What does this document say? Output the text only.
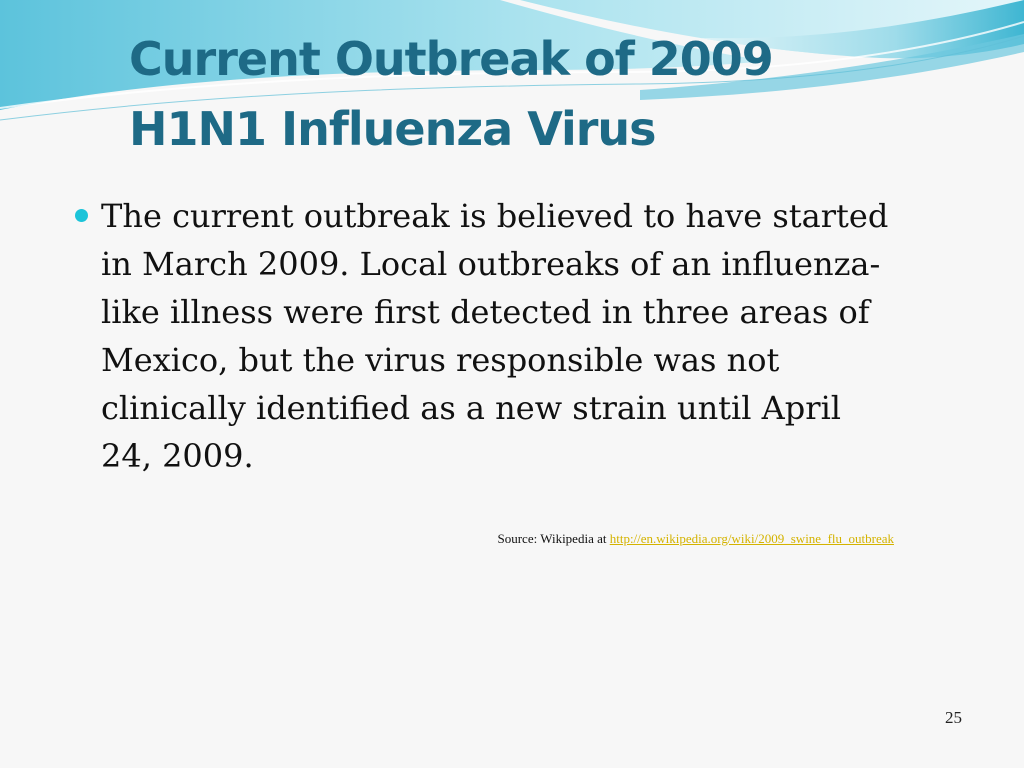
Current Outbreak of 2009
H1N1 Influenza Virus
The current outbreak is believed to have started in March 2009. Local outbreaks of an influenza-like illness were first detected in three areas of Mexico, but the virus responsible was not clinically identified as a new strain until April 24, 2009.
Source: Wikipedia at http://en.wikipedia.org/wiki/2009_swine_flu_outbreak
25
